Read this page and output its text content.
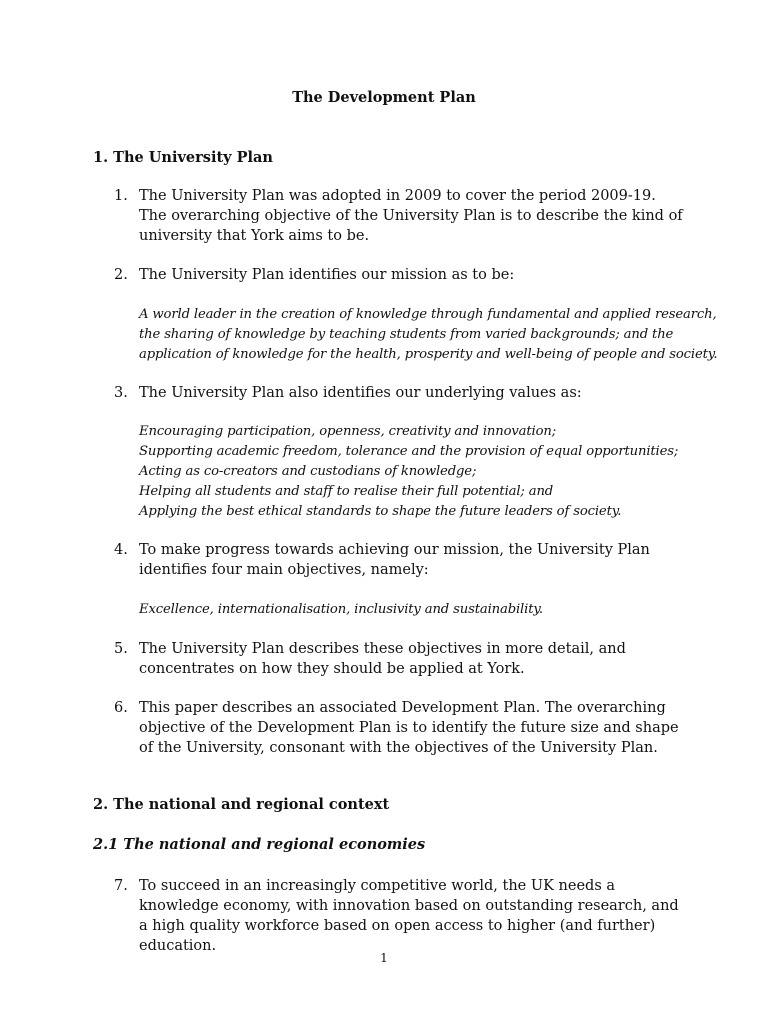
The Development Plan
1. The University Plan
1. The University Plan was adopted in 2009 to cover the period 2009-19. The overarching objective of the University Plan is to describe the kind of university that York aims to be.
2. The University Plan identifies our mission as to be:
A world leader in the creation of knowledge through fundamental and applied research,
the sharing of knowledge by teaching students from varied backgrounds; and the
application of knowledge for the health, prosperity and well-being of people and society.
3. The University Plan also identifies our underlying values as:
Encouraging participation, openness, creativity and innovation;
Supporting academic freedom, tolerance and the provision of equal opportunities;
Acting as co-creators and custodians of knowledge;
Helping all students and staff to realise their full potential; and
Applying the best ethical standards to shape the future leaders of society.
4. To make progress towards achieving our mission, the University Plan identifies four main objectives, namely:
Excellence, internationalisation, inclusivity and sustainability.
5. The University Plan describes these objectives in more detail, and concentrates on how they should be applied at York.
6. This paper describes an associated Development Plan. The overarching objective of the Development Plan is to identify the future size and shape of the University, consonant with the objectives of the University Plan.
2. The national and regional context
2.1 The national and regional economies
7. To succeed in an increasingly competitive world, the UK needs a knowledge economy, with innovation based on outstanding research, and a high quality workforce based on open access to higher (and further) education.
1
